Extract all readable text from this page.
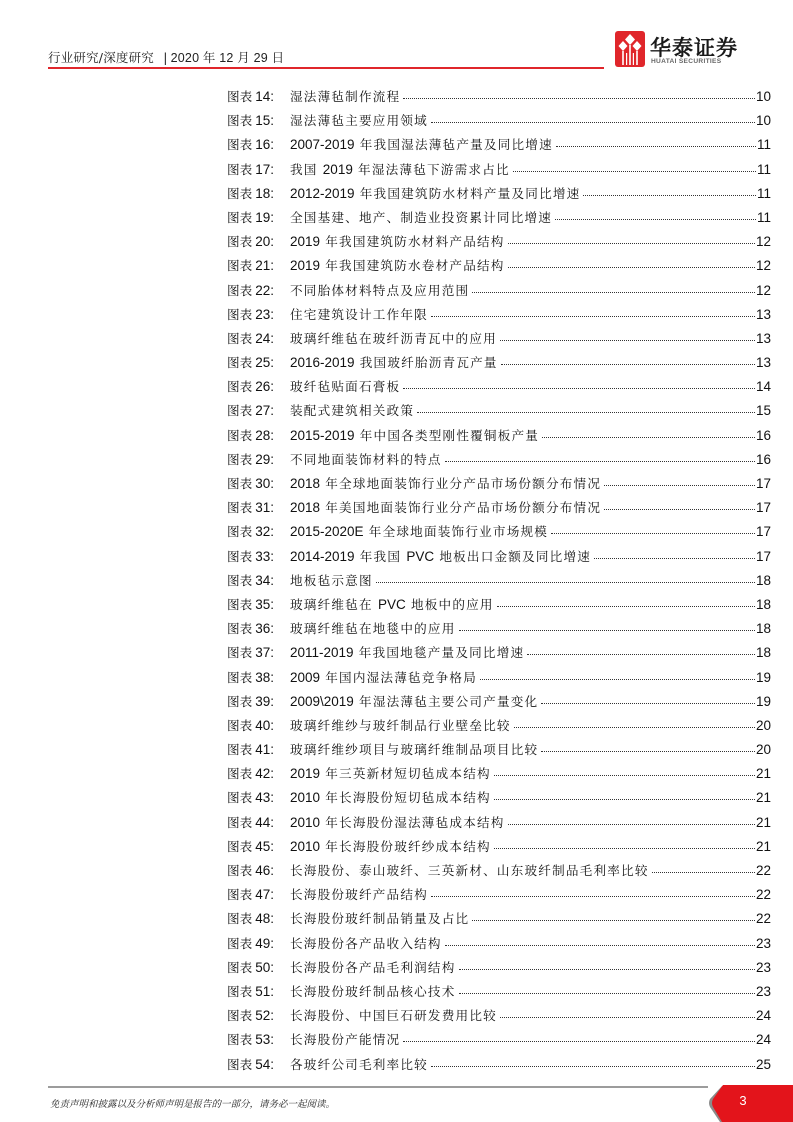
行业研究/深度研究 | 2020 年 12 月 29 日	华泰证券
HUATAI SECURITIES
图表 14:	湿法薄毡制作流程	10
图表 15:	湿法薄毡主要应用领域	10
图表 16:	2007-2019 年我国湿法薄毡产量及同比增速	11
图表 17:	我国 2019 年湿法薄毡下游需求占比	11
图表 18:	2012-2019 年我国建筑防水材料产量及同比增速	11
图表 19:	全国基建、地产、制造业投资累计同比增速	11
图表 20:	2019 年我国建筑防水材料产品结构	12
图表 21:	2019 年我国建筑防水卷材产品结构	12
图表 22:	不同胎体材料特点及应用范围	12
图表 23:	住宅建筑设计工作年限	13
图表 24:	玻璃纤维毡在玻纤沥青瓦中的应用	13
图表 25:	2016-2019 我国玻纤胎沥青瓦产量	13
图表 26:	玻纤毡贴面石膏板	14
图表 27:	装配式建筑相关政策	15
图表 28:	2015-2019 年中国各类型刚性覆铜板产量	16
图表 29:	不同地面装饰材料的特点	16
图表 30:	2018 年全球地面装饰行业分产品市场份额分布情况	17
图表 31:	2018 年美国地面装饰行业分产品市场份额分布情况	17
图表 32:	2015-2020E 年全球地面装饰行业市场规模	17
图表 33:	2014-2019 年我国 PVC 地板出口金额及同比增速	17
图表 34:	地板毡示意图	18
图表 35:	玻璃纤维毡在 PVC 地板中的应用	18
图表 36:	玻璃纤维毡在地毯中的应用	18
图表 37:	2011-2019 年我国地毯产量及同比增速	18
图表 38:	2009 年国内湿法薄毡竞争格局	19
图表 39:	2009\2019 年湿法薄毡主要公司产量变化	19
图表 40:	玻璃纤维纱与玻纤制品行业壁垒比较	20
图表 41:	玻璃纤维纱项目与玻璃纤维制品项目比较	20
图表 42:	2019 年三英新材短切毡成本结构	21
图表 43:	2010 年长海股份短切毡成本结构	21
图表 44:	2010 年长海股份湿法薄毡成本结构	21
图表 45:	2010 年长海股份玻纤纱成本结构	21
图表 46:	长海股份、泰山玻纤、三英新材、山东玻纤制品毛利率比较	22
图表 47:	长海股份玻纤产品结构	22
图表 48:	长海股份玻纤制品销量及占比	22
图表 49:	长海股份各产品收入结构	23
图表 50:	长海股份各产品毛利润结构	23
图表 51:	长海股份玻纤制品核心技术	23
图表 52:	长海股份、中国巨石研发费用比较	24
图表 53:	长海股份产能情况	24
图表 54:	各玻纤公司毛利率比较	25
免责声明和披露以及分析师声明是报告的一部分，请务必一起阅读。	3
